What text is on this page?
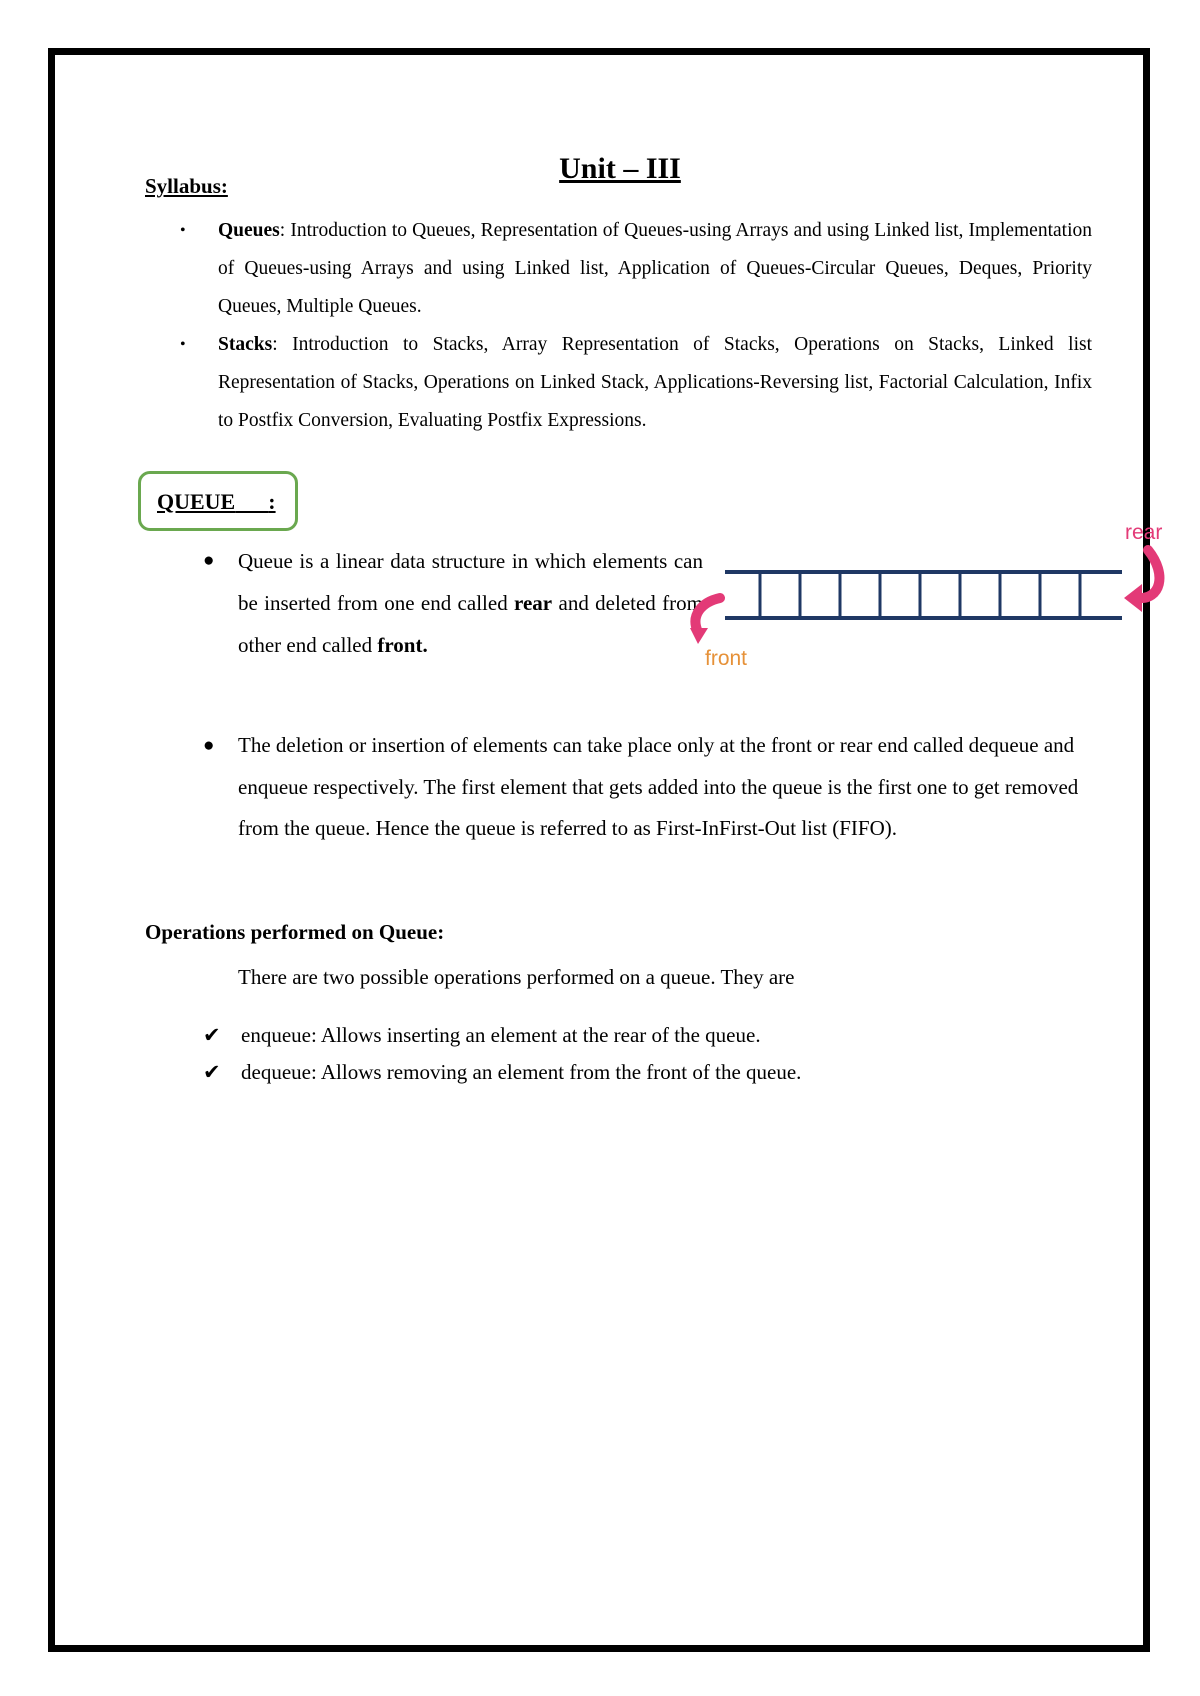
Unit – III
Syllabus:
• Queues: Introduction to Queues, Representation of Queues-using Arrays and using Linked list, Implementation of Queues-using Arrays and using Linked list, Application of Queues-Circular Queues, Deques, Priority Queues, Multiple Queues.
• Stacks: Introduction to Stacks, Array Representation of Stacks, Operations on Stacks, Linked list Representation of Stacks, Operations on Linked Stack, Applications-Reversing list, Factorial Calculation, Infix to Postfix Conversion, Evaluating Postfix Expressions.
QUEUE :
● Queue is a linear data structure in which elements can be inserted from one end called rear and deleted from other end called front.
rear
front
● The deletion or insertion of elements can take place only at the front or rear end called dequeue and enqueue respectively. The first element that gets added into the queue is the first one to get removed from the queue. Hence the queue is referred to as First-InFirst-Out list (FIFO).
Operations performed on Queue:
There are two possible operations performed on a queue. They are
✔ enqueue: Allows inserting an element at the rear of the queue.
✔ dequeue: Allows removing an element from the front of the queue.
